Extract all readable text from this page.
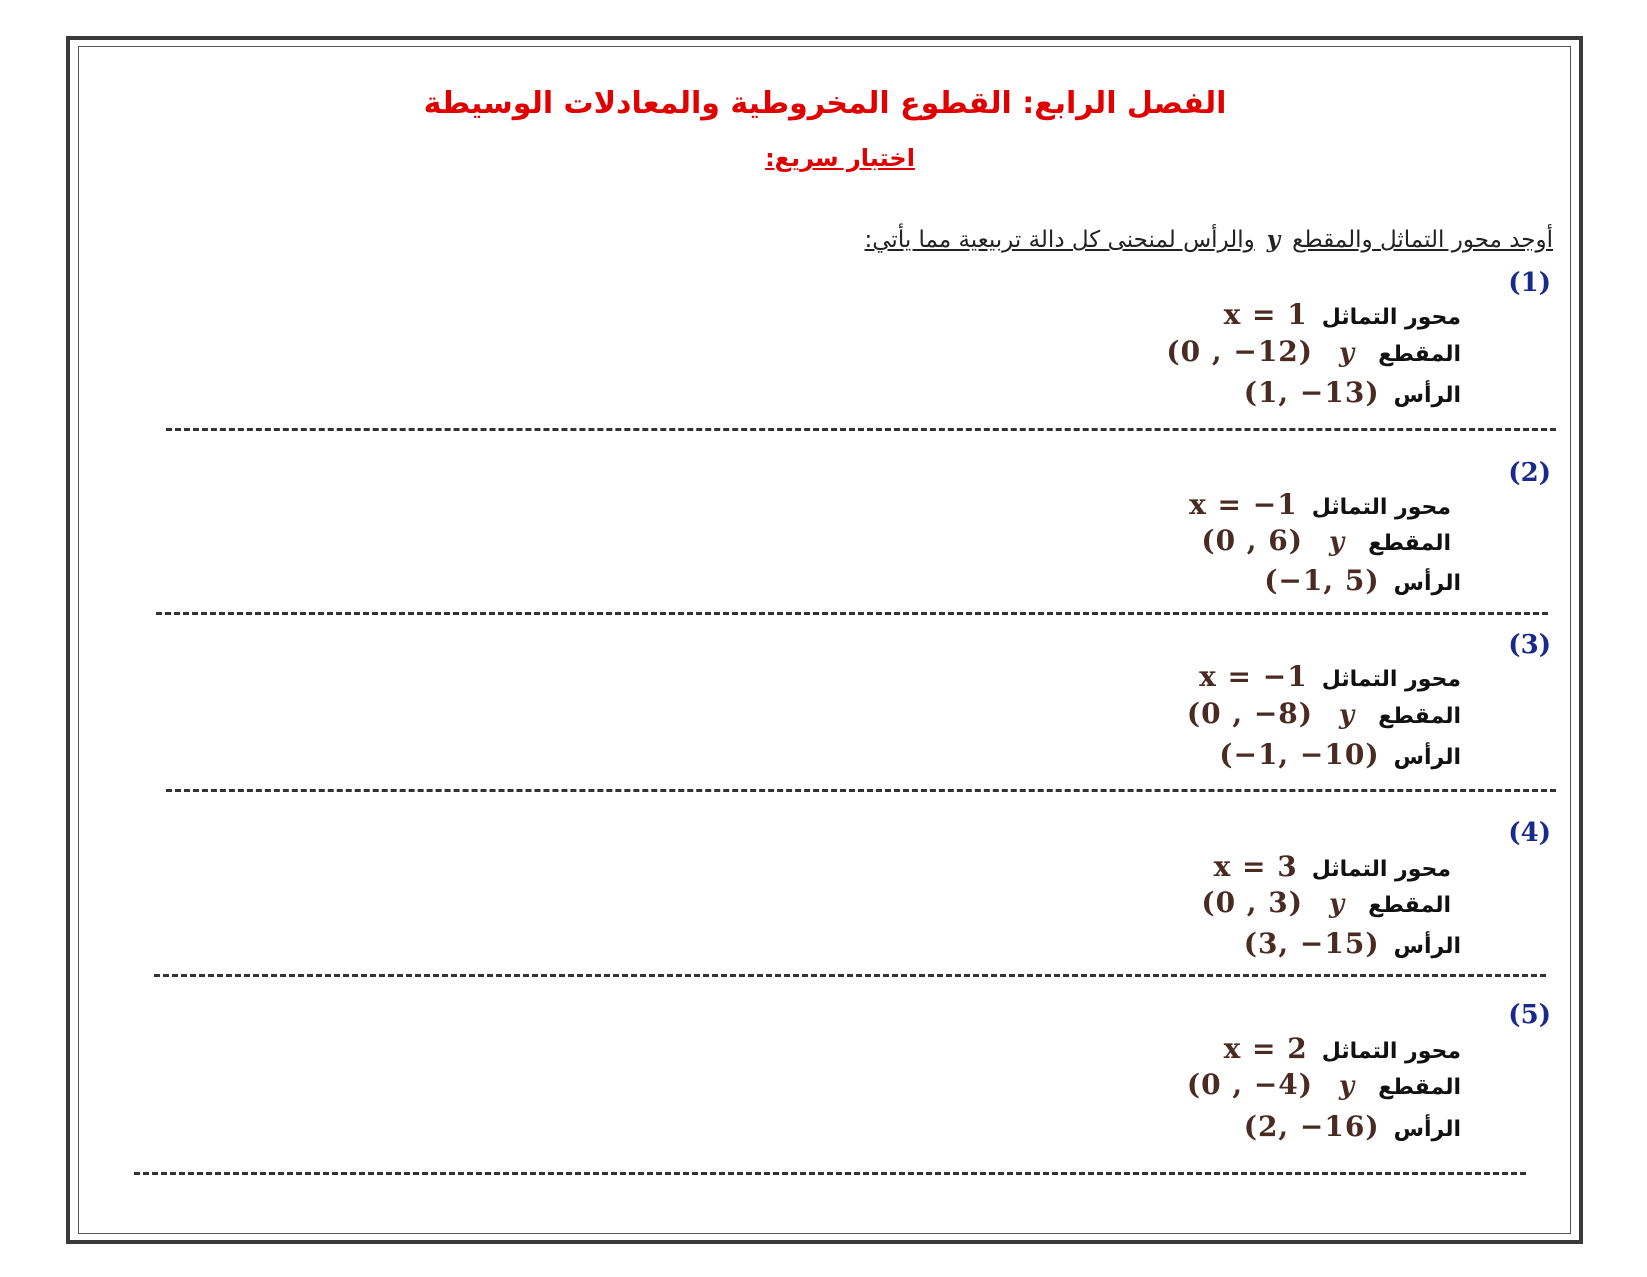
الفصل الرابع: القطوع المخروطية والمعادلات الوسيطة
اختبار سريع:
أوجد محور التماثل والمقطعyوالرأس لمنحنى كل دالة تربيعية مما يأتي:
(1)
x = 1 محور التماثل
(0 , −12) y المقطع
(1, −13) الرأس
(2)
x = −1 محور التماثل
(0 , 6) y المقطع
(−1, 5) الرأس
(3)
x = −1 محور التماثل
(0 , −8) y المقطع
(−1, −10) الرأس
(4)
x = 3 محور التماثل
(0 , 3) y المقطع
(3, −15) الرأس
(5)
x = 2 محور التماثل
(0 , −4) y المقطع
(2, −16) الرأس
